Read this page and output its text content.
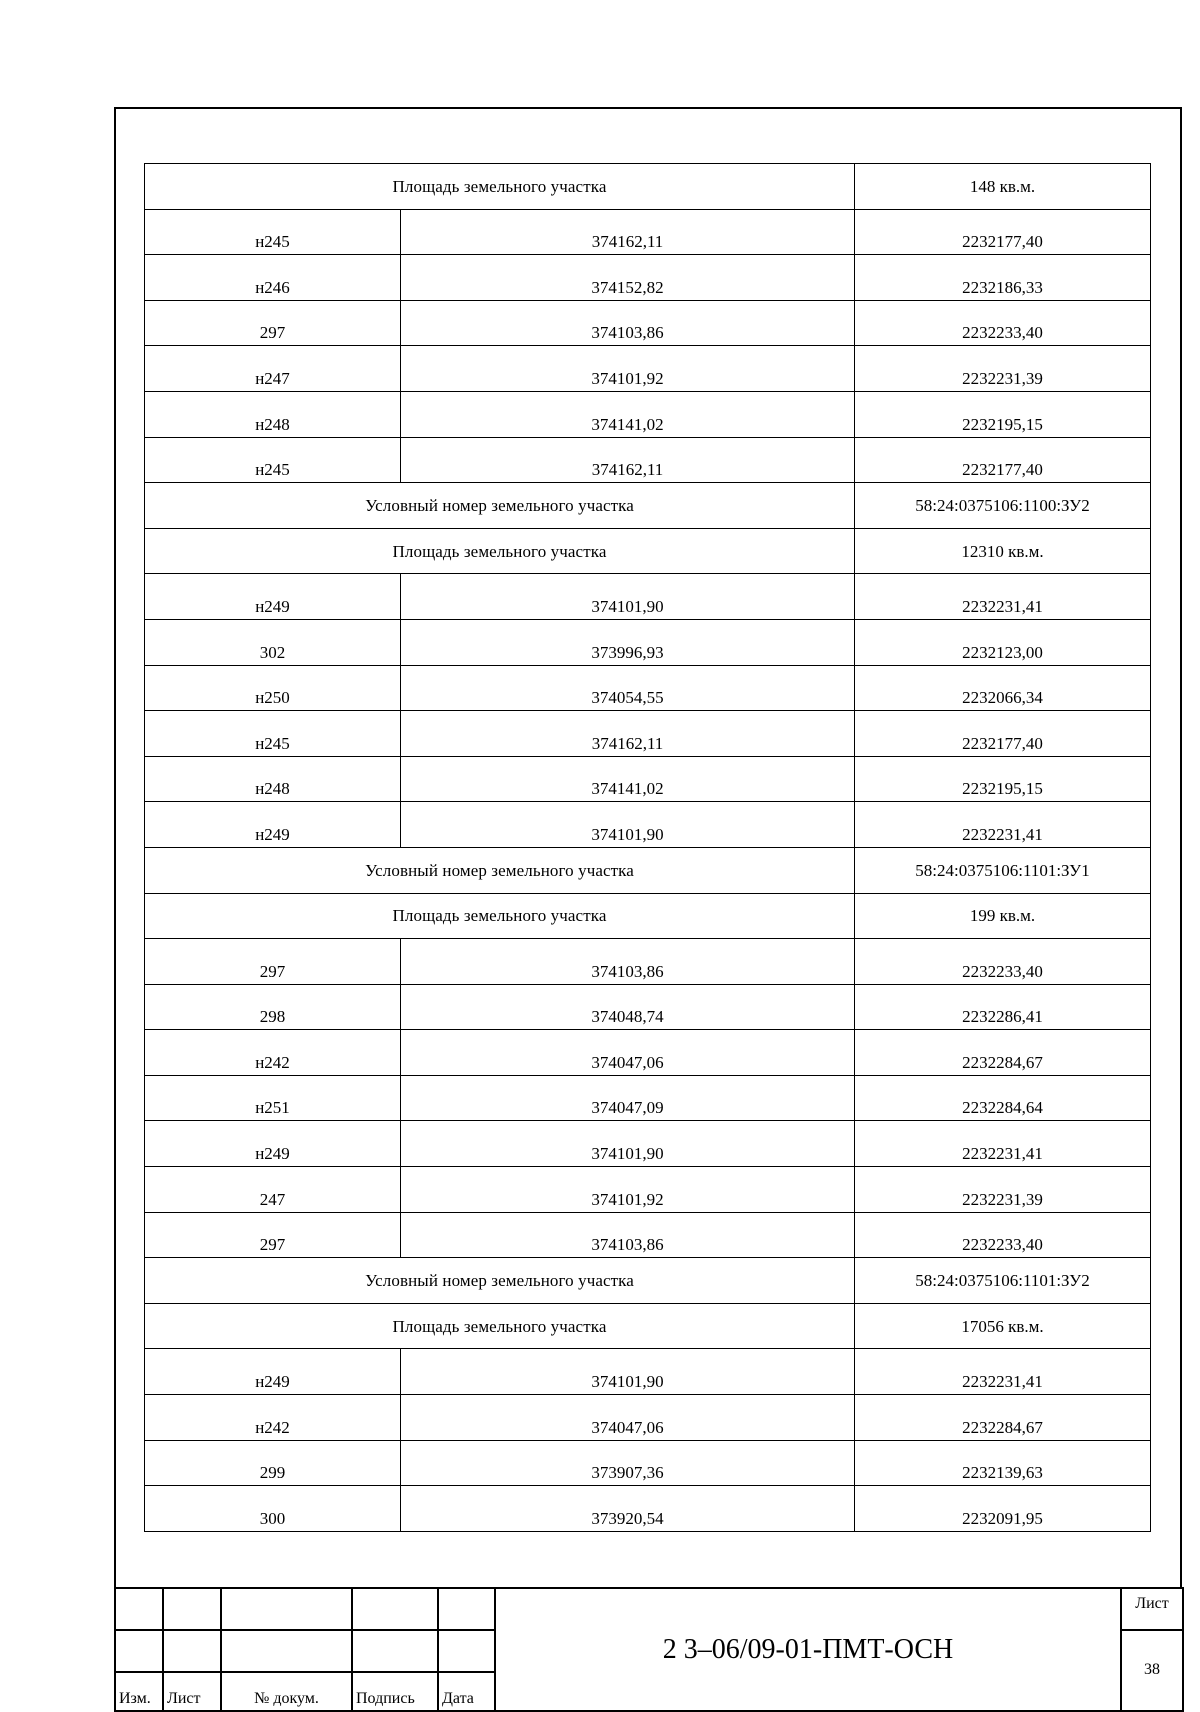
Площадь земельного участка		148 кв.м.
н245	374162,11	2232177,40
н246	374152,82	2232186,33
297	374103,86	2232233,40
н247	374101,92	2232231,39
н248	374141,02	2232195,15
н245	374162,11	2232177,40
Условный номер земельного участка		58:24:0375106:1100:ЗУ2
Площадь земельного участка		12310 кв.м.
н249	374101,90	2232231,41
302	373996,93	2232123,00
н250	374054,55	2232066,34
н245	374162,11	2232177,40
н248	374141,02	2232195,15
н249	374101,90	2232231,41
Условный номер земельного участка		58:24:0375106:1101:ЗУ1
Площадь земельного участка		199 кв.м.
297	374103,86	2232233,40
298	374048,74	2232286,41
н242	374047,06	2232284,67
н251	374047,09	2232284,64
н249	374101,90	2232231,41
247	374101,92	2232231,39
297	374103,86	2232233,40
Условный номер земельного участка		58:24:0375106:1101:ЗУ2
Площадь земельного участка		17056 кв.м.
н249	374101,90	2232231,41
н242	374047,06	2232284,67
299	373907,36	2232139,63
300	373920,54	2232091,95
					2 3–06/09-01-ПМТ-ОСН	Лист
						38
Изм.	Лист	№ докум.	Подпись	Дата		
